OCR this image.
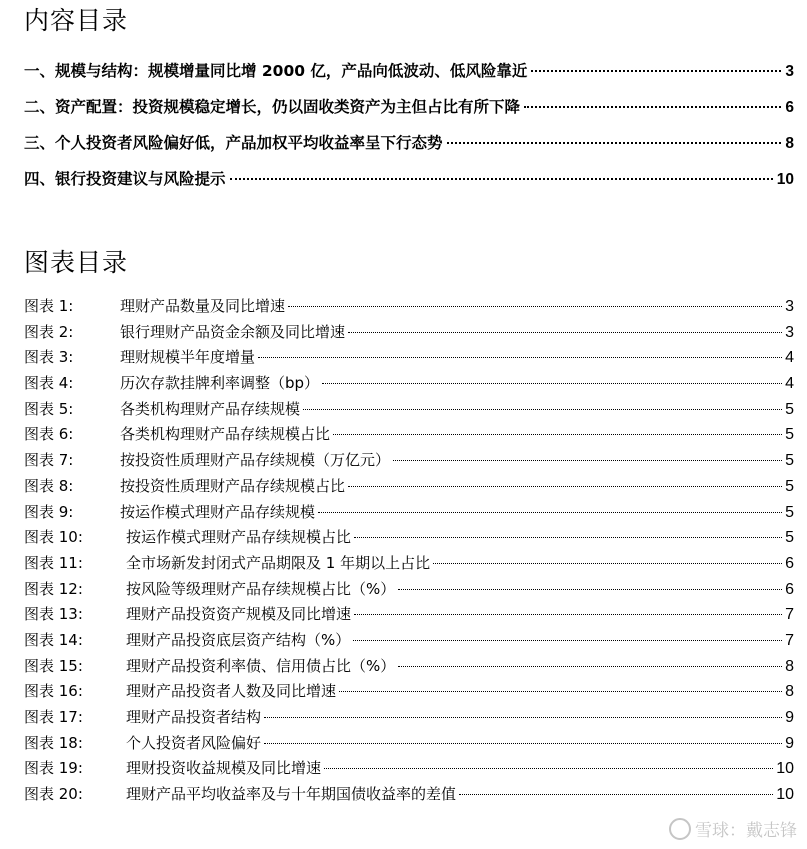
内容目录
一、规模与结构：规模增量同比增 2000 亿，产品向低波动、低风险靠近	3
二、资产配置：投资规模稳定增长，仍以固收类资产为主但占比有所下降	6
三、个人投资者风险偏好低，产品加权平均收益率呈下行态势	8
四、银行投资建议与风险提示	10
图表目录
图表 1:	理财产品数量及同比增速	3
图表 2:	银行理财产品资金余额及同比增速	3
图表 3:	理财规模半年度增量	4
图表 4:	历次存款挂牌利率调整（bp）	4
图表 5:	各类机构理财产品存续规模	5
图表 6:	各类机构理财产品存续规模占比	5
图表 7:	按投资性质理财产品存续规模（万亿元）	5
图表 8:	按投资性质理财产品存续规模占比	5
图表 9:	按运作模式理财产品存续规模	5
图表 10:	按运作模式理财产品存续规模占比	5
图表 11:	全市场新发封闭式产品期限及 1 年期以上占比	6
图表 12:	按风险等级理财产品存续规模占比（%）	6
图表 13:	理财产品投资资产规模及同比增速	7
图表 14:	理财产品投资底层资产结构（%）	7
图表 15:	理财产品投资利率债、信用债占比（%）	8
图表 16:	理财产品投资者人数及同比增速	8
图表 17:	理财产品投资者结构	9
图表 18:	个人投资者风险偏好	9
图表 19:	理财投资收益规模及同比增速	10
图表 20:	理财产品平均收益率及与十年期国债收益率的差值	10
雪球：戴志锋
